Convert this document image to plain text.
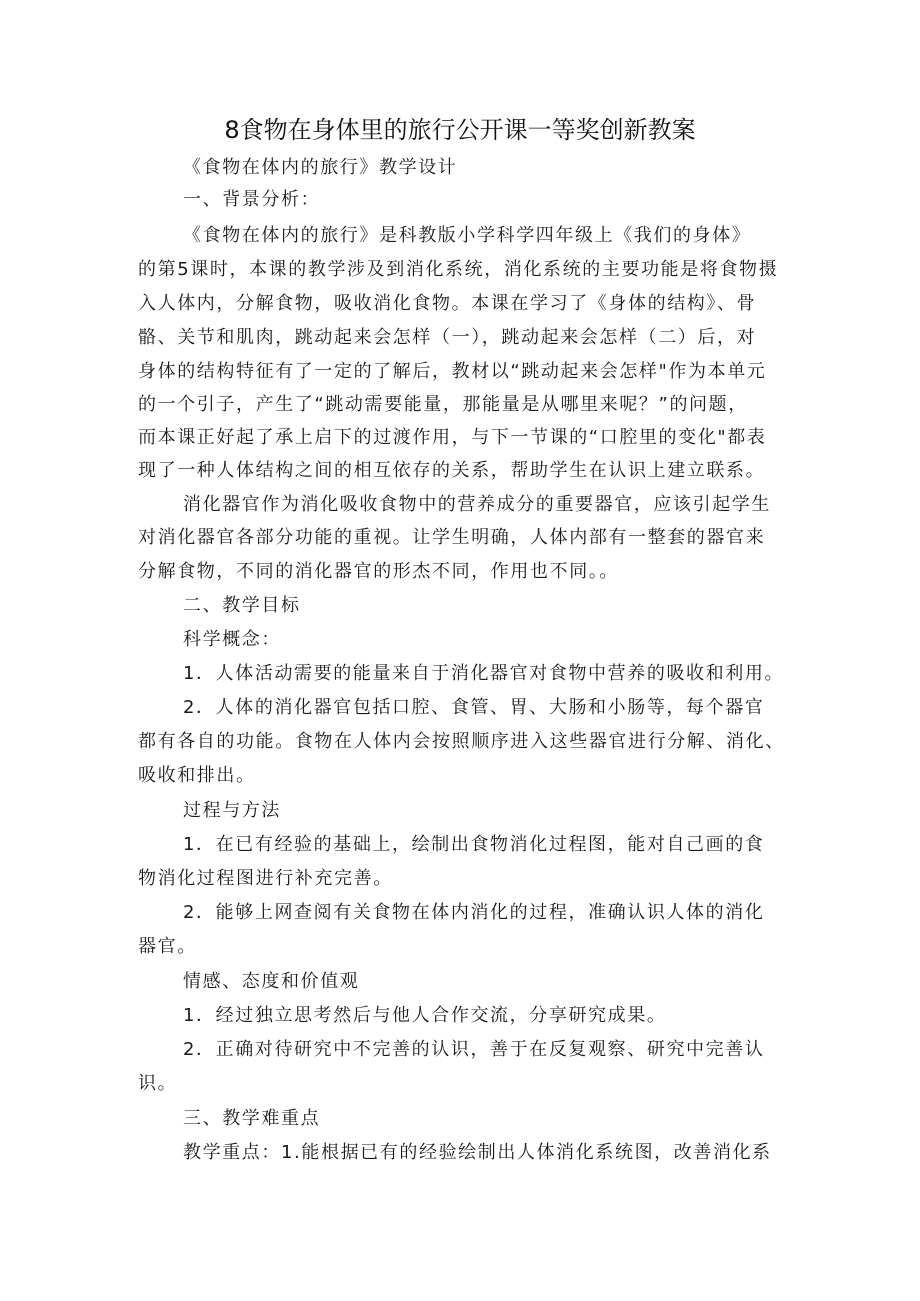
8食物在身体里的旅行公开课一等奖创新教案
《食物在体内的旅行》教学设计
一、背景分析：
《食物在体内的旅行》是科教版小学科学四年级上《我们的身体》
的第5课时，本课的教学涉及到消化系统，消化系统的主要功能是将食物摄
入人体内，分解食物，吸收消化食物。本课在学习了《身体的结构》、骨
骼、关节和肌肉，跳动起来会怎样（一），跳动起来会怎样（二）后，对
身体的结构特征有了一定的了解后，教材以“跳动起来会怎样"作为本单元
的一个引子，产生了“跳动需要能量，那能量是从哪里来呢？”的问题，
而本课正好起了承上启下的过渡作用，与下一节课的“口腔里的变化"都表
现了一种人体结构之间的相互依存的关系，帮助学生在认识上建立联系。
消化器官作为消化吸收食物中的营养成分的重要器官，应该引起学生
对消化器官各部分功能的重视。让学生明确，人体内部有一整套的器官来
分解食物，不同的消化器官的形杰不同，作用也不同。。
二、教学目标
科学概念：
1．人体活动需要的能量来自于消化器官对食物中营养的吸收和利用。
2．人体的消化器官包括口腔、食管、胃、大肠和小肠等，每个器官
都有各自的功能。食物在人体内会按照顺序进入这些器官进行分解、消化、
吸收和排出。
过程与方法
1．在已有经验的基础上，绘制出食物消化过程图，能对自己画的食
物消化过程图进行补充完善。
2．能够上网查阅有关食物在体内消化的过程，准确认识人体的消化
器官。
情感、态度和价值观
1．经过独立思考然后与他人合作交流，分享研究成果。
2．正确对待研究中不完善的认识，善于在反复观察、研究中完善认
识。
三、教学难重点
教学重点：1.能根据已有的经验绘制出人体消化系统图，改善消化系
